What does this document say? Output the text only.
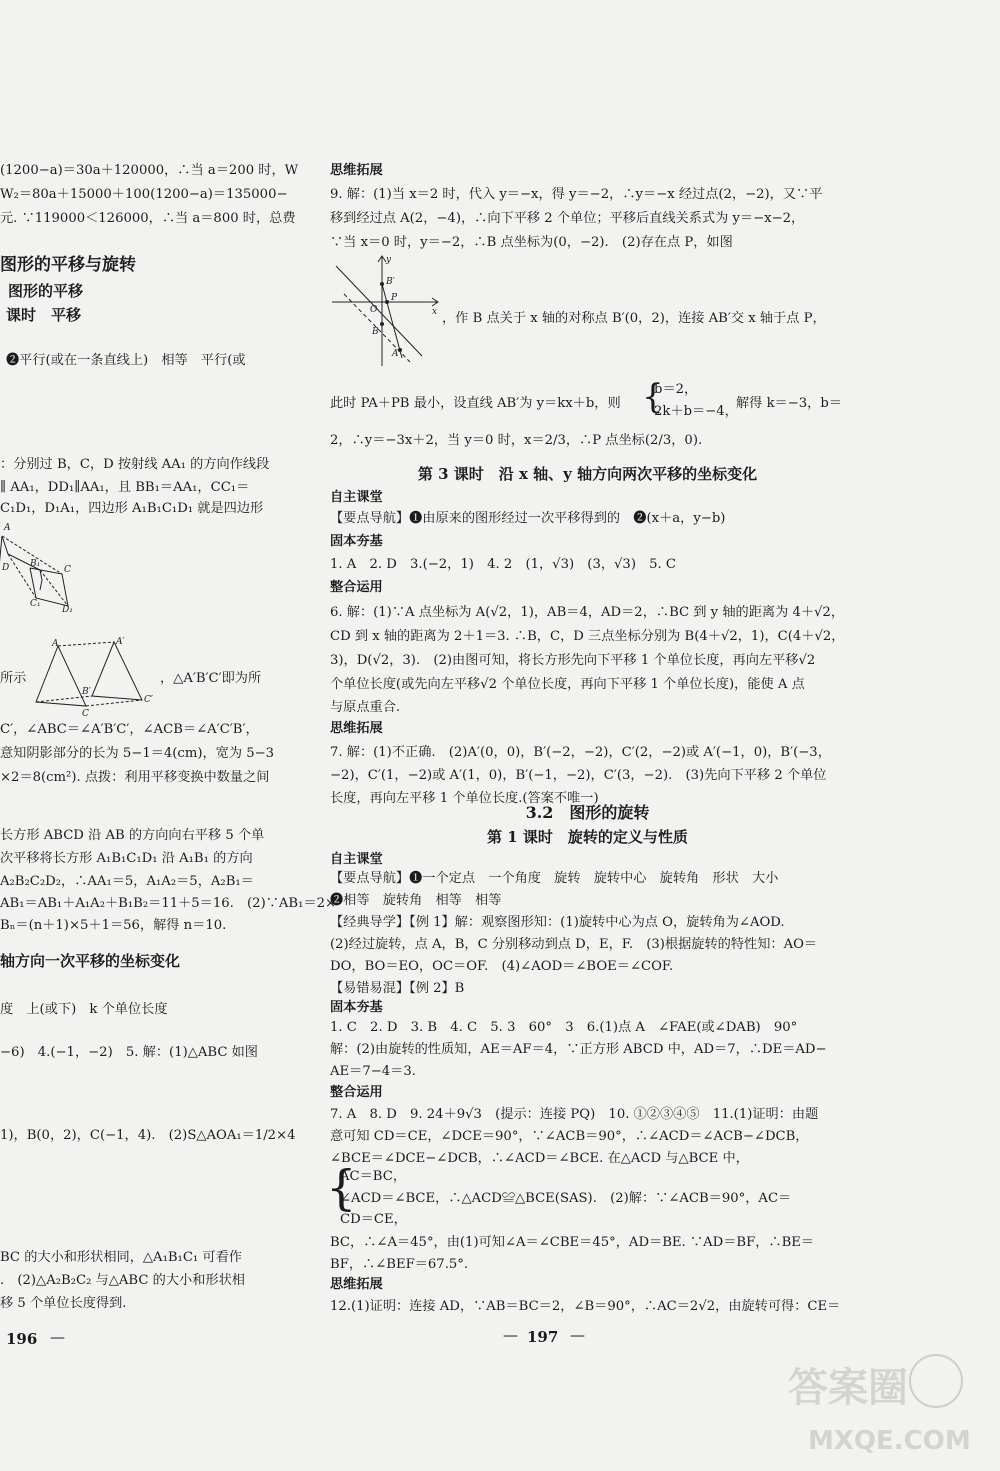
(1200−a)＝30a＋120000，∴当 a＝200 时，W
W₂＝80a＋15000＋100(1200−a)＝135000−
元. ∵119000＜126000，∴当 a＝800 时，总费
图形的平移与旋转
图形的平移
课时　平移
❷平行(或在一条直线上)　相等　平行(或
：分别过 B，C，D 按射线 AA₁ 的方向作线段
∥ AA₁，DD₁∥AA₁，且 BB₁＝AA₁，CC₁＝
C₁D₁，D₁A₁，四边形 A₁B₁C₁D₁ 就是四边形
A
D B₁
C
C₁
D₁
所示
A
C
A′
B′
C′
，△A′B′C′即为所
C′，∠ABC＝∠A′B′C′，∠ACB＝∠A′C′B′，
意知阴影部分的长为 5−1＝4(cm)，宽为 5−3
×2＝8(cm²). 点拨：利用平移变换中数量之间
长方形 ABCD 沿 AB 的方向向右平移 5 个单
次平移将长方形 A₁B₁C₁D₁ 沿 A₁B₁ 的方向
A₂B₂C₂D₂，∴AA₁＝5，A₁A₂＝5，A₂B₁＝
AB₁＝AB₁＋A₁A₂＋B₁B₂＝11＋5＝16.　(2)∵AB₁＝2×
Bₙ＝(n＋1)×5＋1＝56，解得 n＝10.
轴方向一次平移的坐标变化
度　上(或下)　k 个单位长度
−6)　4.(−1，−2)　5. 解：(1)△ABC 如图
1)，B(0，2)，C(−1，4).　(2)S△AOA₁＝1/2×4
BC 的大小和形状相同，△A₁B₁C₁ 可看作
.　(2)△A₂B₂C₂ 与△ABC 的大小和形状相
移 5 个单位长度得到.
196 —
思维拓展
9. 解：(1)当 x＝2 时，代入 y＝−x，得 y＝−2，∴y＝−x 经过点(2，−2)，又∵平
移到经过点 A(2，−4)，∴向下平移 2 个单位；平移后直线关系式为 y＝−x−2，
∵当 x＝0 时，y＝−2，∴B 点坐标为(0，−2).　(2)存在点 P，如图
y
x
O
B′
P
B
A
，作 B 点关于 x 轴的对称点 B′(0，2)，连接 AB′交 x 轴于点 P，
此时 PA＋PB 最小，设直线 AB′为 y＝kx＋b，则 {
b＝2，
2k＋b＝−4，
解得 k＝−3，b＝
2，∴y＝−3x＋2，当 y＝0 时，x＝2/3，∴P 点坐标(2/3，0).
第 3 课时　沿 x 轴、y 轴方向两次平移的坐标变化
自主课堂
【要点导航】❶由原来的图形经过一次平移得到的　❷(x＋a，y−b)
固本夯基
1. A　2. D　3.(−2，1)　4. 2　(1，√3)　(3，√3)　5. C
整合运用
6. 解：(1)∵A 点坐标为 A(√2，1)，AB＝4，AD＝2，∴BC 到 y 轴的距离为 4＋√2，
CD 到 x 轴的距离为 2＋1＝3. ∴B，C，D 三点坐标分别为 B(4＋√2，1)，C(4＋√2，
3)，D(√2，3).　(2)由图可知，将长方形先向下平移 1 个单位长度，再向左平移√2
个单位长度(或先向左平移√2 个单位长度，再向下平移 1 个单位长度)，能使 A 点
与原点重合.
思维拓展
7. 解：(1)不正确.　(2)A′(0，0)，B′(−2，−2)，C′(2，−2)或 A′(−1，0)，B′(−3，
−2)，C′(1，−2)或 A′(1，0)，B′(−1，−2)，C′(3，−2).　(3)先向下平移 2 个单位
长度，再向左平移 1 个单位长度.(答案不唯一)
3.2　图形的旋转
第 1 课时　旋转的定义与性质
自主课堂
【要点导航】❶一个定点　一个角度　旋转　旋转中心　旋转角　形状　大小
❷相等　旋转角　相等　相等
【经典导学】【例 1】解：观察图形知：(1)旋转中心为点 O，旋转角为∠AOD.
(2)经过旋转，点 A，B，C 分别移动到点 D，E，F.　(3)根据旋转的特性知：AO＝
DO，BO＝EO，OC＝OF.　(4)∠AOD＝∠BOE＝∠COF.
【易错易混】【例 2】B
固本夯基
1. C　2. D　3. B　4. C　5. 3　60°　3　6.(1)点 A　∠FAE(或∠DAB)　90°
解：(2)由旋转的性质知，AE＝AF＝4，∵正方形 ABCD 中，AD＝7，∴DE＝AD−
AE＝7−4＝3.
整合运用
7. A　8. D　9. 24＋9√3　(提示：连接 PQ)　10. ①②③④⑤　11.(1)证明：由题
意可知 CD＝CE，∠DCE＝90°，∵∠ACB＝90°，∴∠ACD＝∠ACB−∠DCB，
∠BCE＝∠DCE−∠DCB，∴∠ACD＝∠BCE. 在△ACD 与△BCE 中，
{
AC＝BC，
∠ACD＝∠BCE，∴△ACD≌△BCE(SAS).　(2)解：∵∠ACB＝90°，AC＝
CD＝CE，
BC，∴∠A＝45°，由(1)可知∠A＝∠CBE＝45°，AD＝BE. ∵AD＝BF，∴BE＝
BF，∴∠BEF＝67.5°.
思维拓展
12.(1)证明：连接 AD，∵AB＝BC＝2，∠B＝90°，∴AC＝2√2，由旋转可得：CE＝
— 197 —
答案圈
MXQE.COM
